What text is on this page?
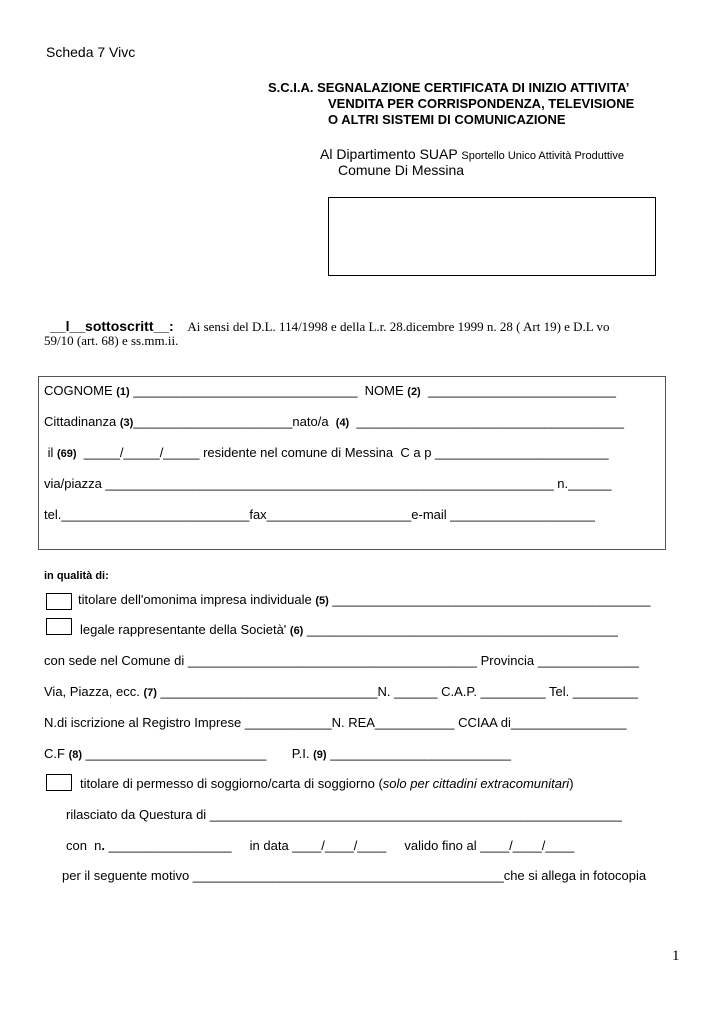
Scheda 7 Vivc
S.C.I.A. SEGNALAZIONE CERTIFICATA DI INIZIO ATTIVITA’
VENDITA PER CORRISPONDENZA, TELEVISIONE
O ALTRI SISTEMI DI COMUNICAZIONE
Al Dipartimento SUAP Sportello Unico Attività Produttive
Comune Di Messina
__l__sottoscritt__: Ai sensi del D.L. 114/1998 e della L.r. 28.dicembre 1999 n. 28 ( Art 19) e D.L vo
59/10 (art. 68) e ss.mm.ii.
COGNOME (1) _______________________________  NOME (2)  __________________________
Cittadinanza (3)______________________nato/a  (4)  _____________________________________
il (69)  _____/_____/_____ residente nel comune di Messina  C a p ________________________
via/piazza ______________________________________________________________ n.______
tel.__________________________fax____________________e-mail ____________________
in qualità di:
titolare dell'omonima impresa individuale (5) ____________________________________________
legale rappresentante della Società' (6) ___________________________________________
con sede nel Comune di ________________________________________ Provincia ______________
Via, Piazza, ecc. (7) ______________________________N. ______ C.A.P. _________ Tel. _________
N.di iscrizione al Registro Imprese ____________N. REA___________ CCIAA di________________
C.F (8) _________________________ P.I. (9) _________________________
titolare di permesso di soggiorno/carta di soggiorno (solo per cittadini extracomunitari)
rilasciato da Questura di _________________________________________________________
con  n. _________________     in data ____/____/____     valido fino al ____/____/____
per il seguente motivo ___________________________________________che si allega in fotocopia
1
